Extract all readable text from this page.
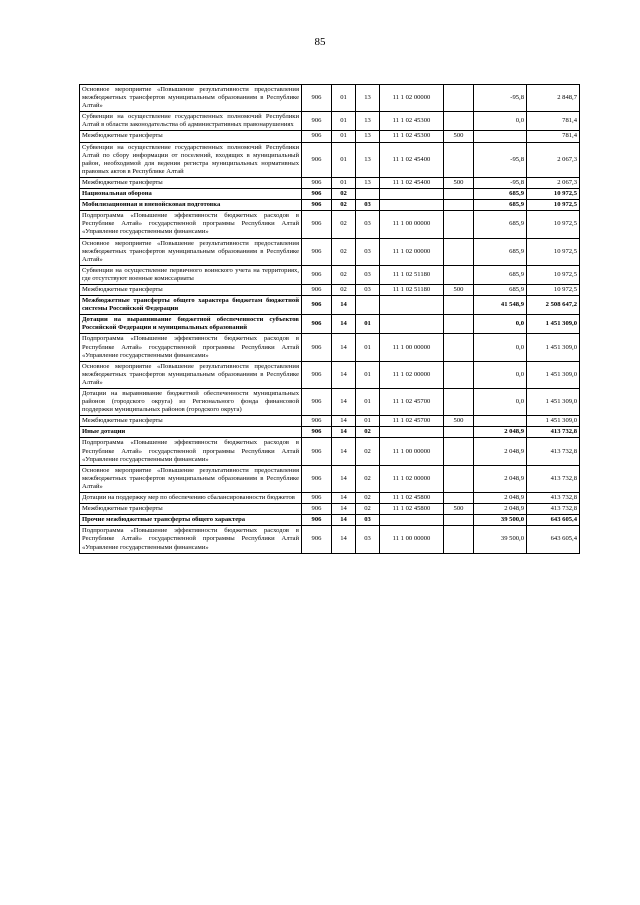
85
Основное мероприятие «Повышение результативности предоставления межбюджетных трансфертов муниципальным образованиям в Республике Алтай»	906	01	13	11 1 02 00000		-95,8	2 848,7
Субвенции на осуществление государственных полномочий Республики Алтай в области законодательства об административных правонарушениях	906	01	13	11 1 02 45300		0,0	781,4
Межбюджетные трансферты	906	01	13	11 1 02 45300	500		781,4
Субвенции на осуществление государственных полномочий Республики Алтай по сбору информации от поселений, входящих в муниципальный район, необходимой для ведения регистра муниципальных нормативных правовых актов в Республике Алтай	906	01	13	11 1 02 45400		-95,8	2 067,3
Межбюджетные трансферты	906	01	13	11 1 02 45400	500	-95,8	2 067,3
Национальная оборона	906	02				685,9	10 972,5
Мобилизационная и вневойсковая подготовка	906	02	03			685,9	10 972,5
Подпрограмма «Повышение эффективности бюджетных расходов в Республике Алтай» государственной программы Республики Алтай «Управление государственными финансами»	906	02	03	11 1 00 00000		685,9	10 972,5
Основное мероприятие «Повышение результативности предоставления межбюджетных трансфертов муниципальным образованиям в Республике Алтай»	906	02	03	11 1 02 00000		685,9	10 972,5
Субвенции на осуществление первичного воинского учета на территориях, где отсутствуют военные комиссариаты	906	02	03	11 1 02 51180		685,9	10 972,5
Межбюджетные трансферты	906	02	03	11 1 02 51180	500	685,9	10 972,5
Межбюджетные трансферты общего характера бюджетам бюджетной системы Российской Федерации	906	14				41 548,9	2 508 647,2
Дотации на выравнивание бюджетной обеспеченности субъектов Российской Федерации и муниципальных образований	906	14	01			0,0	1 451 309,0
Подпрограмма «Повышение эффективности бюджетных расходов в Республике Алтай» государственной программы Республики Алтай «Управление государственными финансами»	906	14	01	11 1 00 00000		0,0	1 451 309,0
Основное мероприятие «Повышение результативности предоставления межбюджетных трансфертов муниципальным образованиям в Республике Алтай»	906	14	01	11 1 02 00000		0,0	1 451 309,0
Дотации на выравнивание бюджетной обеспеченности муниципальных районов (городского округа) из Регионального фонда финансовой поддержки муниципальных районов (городского округа)	906	14	01	11 1 02 45700		0,0	1 451 309,0
Межбюджетные трансферты	906	14	01	11 1 02 45700	500		1 451 309,0
Иные дотации	906	14	02			2 048,9	413 732,8
Подпрограмма «Повышение эффективности бюджетных расходов в Республике Алтай» государственной программы Республики Алтай «Управление государственными финансами»	906	14	02	11 1 00 00000		2 048,9	413 732,8
Основное мероприятие «Повышение результативности предоставления межбюджетных трансфертов муниципальным образованиям в Республике Алтай»	906	14	02	11 1 02 00000		2 048,9	413 732,8
Дотации на поддержку мер по обеспечению сбалансированности бюджетов	906	14	02	11 1 02 45800		2 048,9	413 732,8
Межбюджетные трансферты	906	14	02	11 1 02 45800	500	2 048,9	413 732,8
Прочие межбюджетные трансферты общего характера	906	14	03			39 500,0	643 605,4
Подпрограмма «Повышение эффективности бюджетных расходов в Республике Алтай» государственной программы Республики Алтай «Управление государственными финансами»	906	14	03	11 1 00 00000		39 500,0	643 605,4
